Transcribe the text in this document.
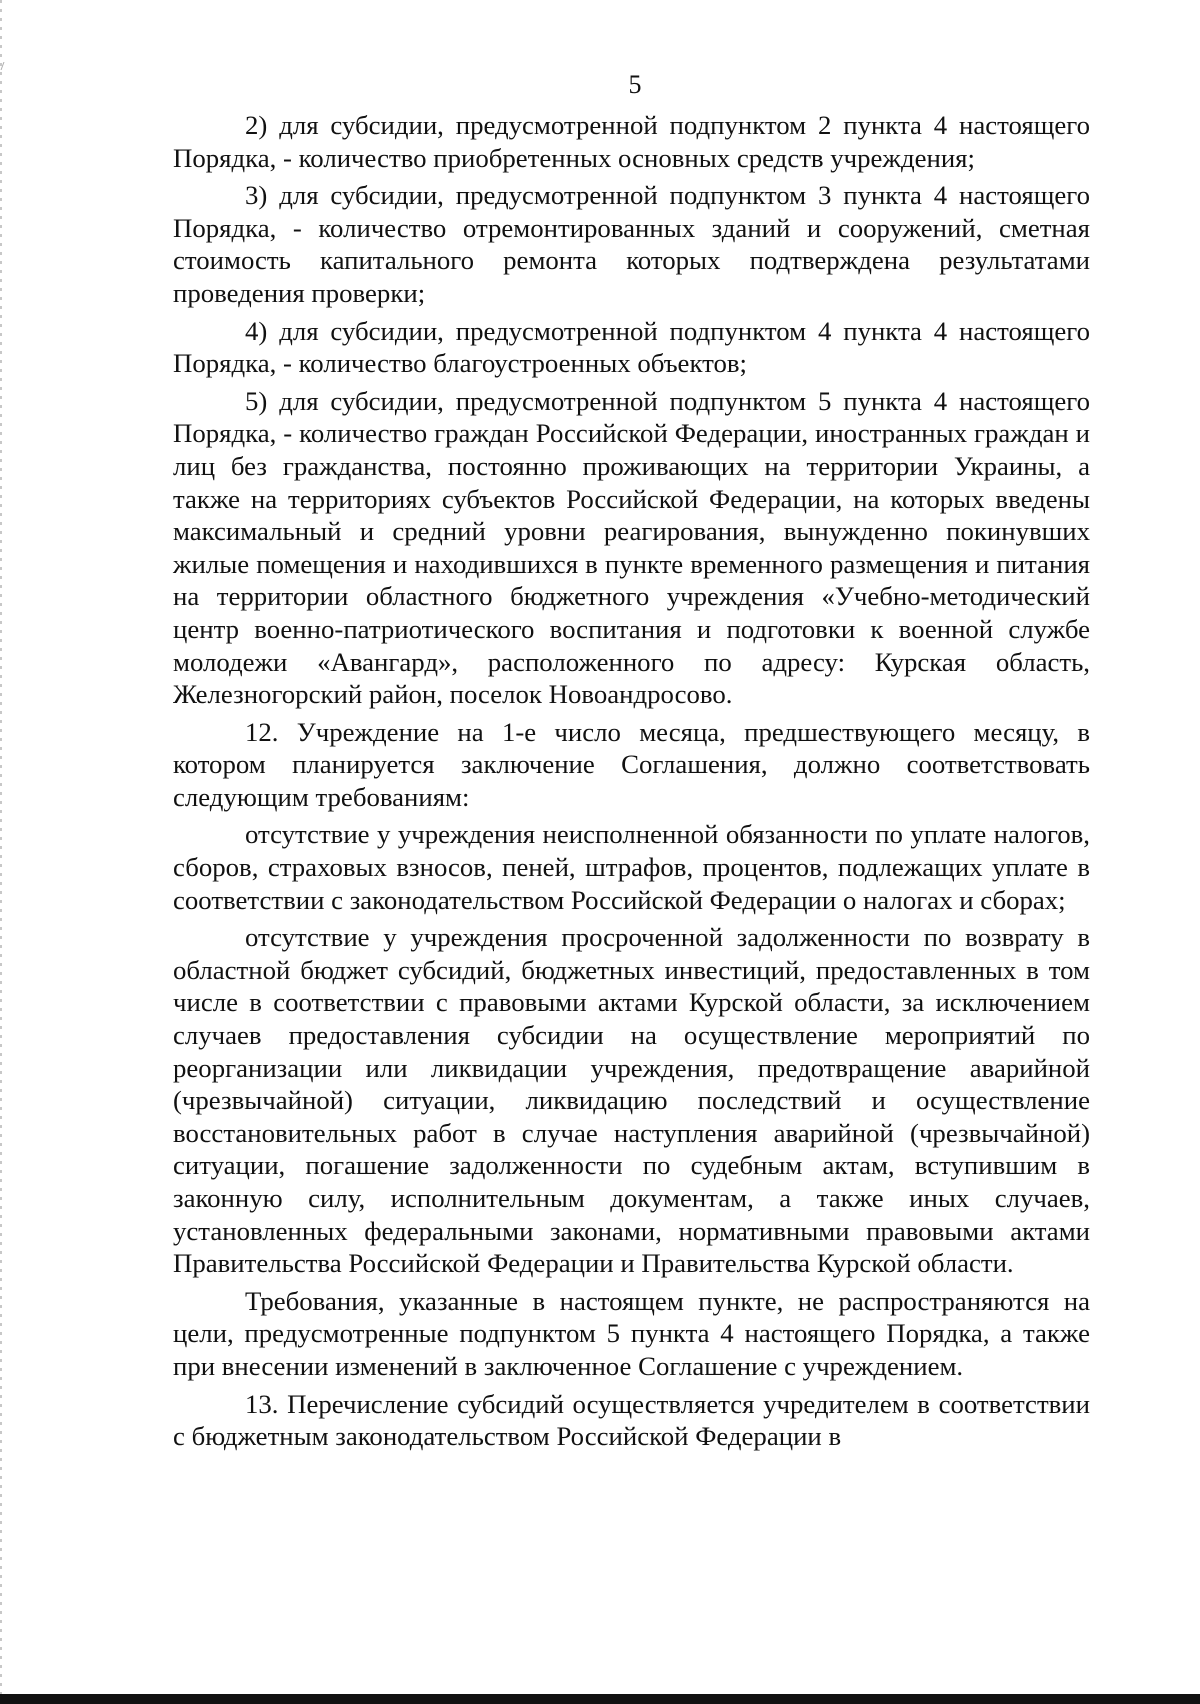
5

2) для субсидии, предусмотренной подпунктом 2 пункта 4 настоящего Порядка, - количество приобретенных основных средств учреждения;

3) для субсидии, предусмотренной подпунктом 3 пункта 4 настоящего Порядка, - количество отремонтированных зданий и сооружений, сметная стоимость капитального ремонта которых подтверждена результатами проведения проверки;

4) для субсидии, предусмотренной подпунктом 4 пункта 4 настоящего Порядка, - количество благоустроенных объектов;

5) для субсидии, предусмотренной подпунктом 5 пункта 4 настоящего Порядка, - количество граждан Российской Федерации, иностранных граждан и лиц без гражданства, постоянно проживающих на территории Украины, а также на территориях субъектов Российской Федерации, на которых введены максимальный и средний уровни реагирования, вынужденно покинувших жилые помещения и находившихся в пункте временного размещения и питания на территории областного бюджетного учреждения «Учебно-методический центр военно-патриотического воспитания и подготовки к военной службе молодежи «Авангард», расположенного по адресу: Курская область, Железногорский район, поселок Новоандросово.

12. Учреждение на 1-е число месяца, предшествующего месяцу, в котором планируется заключение Соглашения, должно соответствовать следующим требованиям:

отсутствие у учреждения неисполненной обязанности по уплате налогов, сборов, страховых взносов, пеней, штрафов, процентов, подлежащих уплате в соответствии с законодательством Российской Федерации о налогах и сборах;

отсутствие у учреждения просроченной задолженности по возврату в областной бюджет субсидий, бюджетных инвестиций, предоставленных в том числе в соответствии с правовыми актами Курской области, за исключением случаев предоставления субсидии на осуществление мероприятий по реорганизации или ликвидации учреждения, предотвращение аварийной (чрезвычайной) ситуации, ликвидацию последствий и осуществление восстановительных работ в случае наступления аварийной (чрезвычайной) ситуации, погашение задолженности по судебным актам, вступившим в законную силу, исполнительным документам, а также иных случаев, установленных федеральными законами, нормативными правовыми актами Правительства Российской Федерации и Правительства Курской области.

Требования, указанные в настоящем пункте, не распространяются на цели, предусмотренные подпунктом 5 пункта 4 настоящего Порядка, а также при внесении изменений в заключенное Соглашение с учреждением.

13. Перечисление субсидий осуществляется учредителем в соответствии с бюджетным законодательством Российской Федерации в
